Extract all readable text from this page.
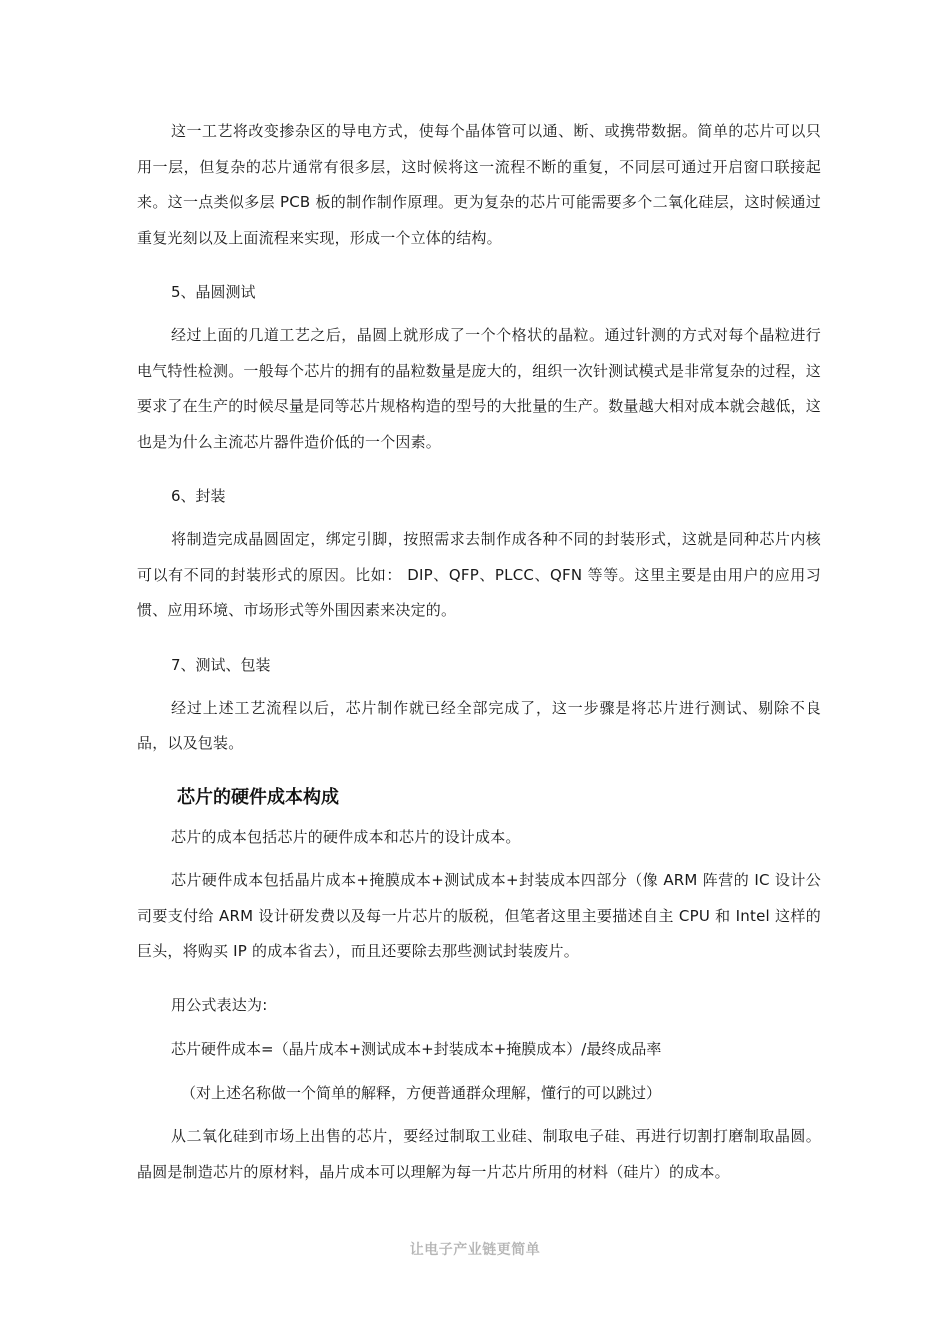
这一工艺将改变掺杂区的导电方式，使每个晶体管可以通、断、或携带数据。简单的芯片可以只用一层，但复杂的芯片通常有很多层，这时候将这一流程不断的重复，不同层可通过开启窗口联接起来。这一点类似多层 PCB 板的制作制作原理。更为复杂的芯片可能需要多个二氧化硅层，这时候通过重复光刻以及上面流程来实现，形成一个立体的结构。

5、晶圆测试

经过上面的几道工艺之后，晶圆上就形成了一个个格状的晶粒。通过针测的方式对每个晶粒进行电气特性检测。一般每个芯片的拥有的晶粒数量是庞大的，组织一次针测试模式是非常复杂的过程，这要求了在生产的时候尽量是同等芯片规格构造的型号的大批量的生产。数量越大相对成本就会越低，这也是为什么主流芯片器件造价低的一个因素。

6、封装

将制造完成晶圆固定，绑定引脚，按照需求去制作成各种不同的封装形式，这就是同种芯片内核可以有不同的封装形式的原因。比如： DIP、QFP、PLCC、QFN 等等。这里主要是由用户的应用习惯、应用环境、市场形式等外围因素来决定的。

7、测试、包装

经过上述工艺流程以后，芯片制作就已经全部完成了，这一步骤是将芯片进行测试、剔除不良品，以及包装。

芯片的硬件成本构成

芯片的成本包括芯片的硬件成本和芯片的设计成本。

芯片硬件成本包括晶片成本+掩膜成本+测试成本+封装成本四部分（像 ARM 阵营的 IC 设计公司要支付给 ARM 设计研发费以及每一片芯片的版税，但笔者这里主要描述自主 CPU 和 Intel 这样的巨头，将购买 IP 的成本省去），而且还要除去那些测试封装废片。

用公式表达为:

芯片硬件成本=（晶片成本+测试成本+封装成本+掩膜成本）/最终成品率

（对上述名称做一个简单的解释，方便普通群众理解，懂行的可以跳过）

从二氧化硅到市场上出售的芯片，要经过制取工业硅、制取电子硅、再进行切割打磨制取晶圆。晶圆是制造芯片的原材料，晶片成本可以理解为每一片芯片所用的材料（硅片）的成本。

让电子产业链更简单
